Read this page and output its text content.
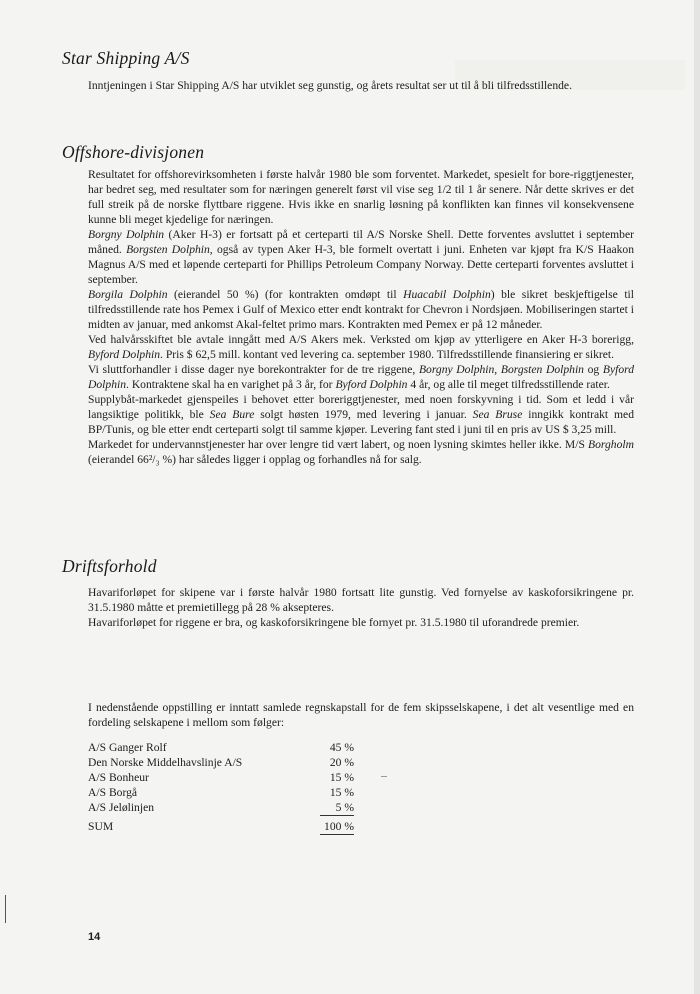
Star Shipping A/S

Inntjeningen i Star Shipping A/S har utviklet seg gunstig, og årets resultat ser ut til å bli tilfredsstillende.

Offshore-divisjonen

Resultatet for offshorevirksomheten i første halvår 1980 ble som forventet. Markedet, spesielt for bore-riggtjenester, har bedret seg, med resultater som for næringen generelt først vil vise seg 1/2 til 1 år senere. Når dette skrives er det full streik på de norske flyttbare riggene. Hvis ikke en snarlig løsning på konflikten kan finnes vil konsekvensene kunne bli meget kjedelige for næringen.

Borgny Dolphin (Aker H-3) er fortsatt på et certeparti til A/S Norske Shell. Dette forventes avsluttet i september måned. Borgsten Dolphin, også av typen Aker H-3, ble formelt overtatt i juni. Enheten var kjøpt fra K/S Haakon Magnus A/S med et løpende certeparti for Phillips Petroleum Company Norway. Dette certeparti forventes avsluttet i september.

Borgila Dolphin (eierandel 50 %) (for kontrakten omdøpt til Huacabil Dolphin) ble sikret beskjeftigelse til tilfredsstillende rate hos Pemex i Gulf of Mexico etter endt kontrakt for Chevron i Nordsjøen. Mobiliseringen startet i midten av januar, med ankomst Akal-feltet primo mars. Kontrakten med Pemex er på 12 måneder.

Ved halvårsskiftet ble avtale inngått med A/S Akers mek. Verksted om kjøp av ytterligere en Aker H-3 borerigg, Byford Dolphin. Pris $ 62,5 mill. kontant ved levering ca. september 1980. Tilfredsstillende finansiering er sikret.

Vi sluttforhandler i disse dager nye borekontrakter for de tre riggene, Borgny Dolphin, Borgsten Dolphin og Byford Dolphin. Kontraktene skal ha en varighet på 3 år, for Byford Dolphin 4 år, og alle til meget tilfredsstillende rater.

Supplybåt-markedet gjenspeiles i behovet etter boreriggtjenester, med noen forskyvning i tid. Som et ledd i vår langsiktige politikk, ble Sea Bure solgt høsten 1979, med levering i januar. Sea Bruse inngikk kontrakt med BP/Tunis, og ble etter endt certeparti solgt til samme kjøper. Levering fant sted i juni til en pris av US $ 3,25 mill.

Markedet for undervannstjenester har over lengre tid vært labert, og noen lysning skimtes heller ikke. M/S Borgholm (eierandel 66²/₃ %) har således ligger i opplag og forhandles nå for salg.

Driftsforhold

Havariforløpet for skipene var i første halvår 1980 fortsatt lite gunstig. Ved fornyelse av kaskoforsikringene pr. 31.5.1980 måtte et premietillegg på 28 % aksepteres.

Havariforløpet for riggene er bra, og kaskoforsikringene ble fornyet pr. 31.5.1980 til uforandrede premier.

I nedenstående oppstilling er inntatt samlede regnskapstall for de fem skipsselskapene, i det alt vesentlige med en fordeling selskapene i mellom som følger:
A/S Ganger Rolf	45 %
Den Norske Middelhavslinje A/S	20 %
A/S Bonheur	15 %
A/S Borgå	15 %
A/S Jelølinjen	5 %
SUM	100 %
14
